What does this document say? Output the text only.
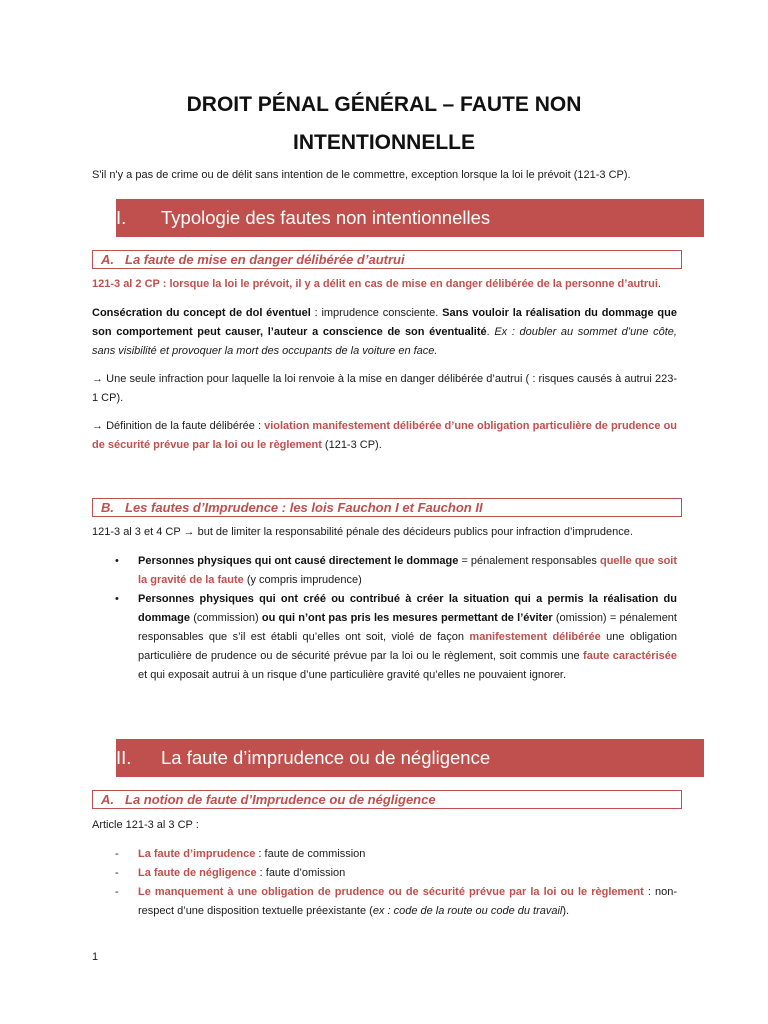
DROIT PÉNAL GÉNÉRAL – FAUTE NON
INTENTIONNELLE
S'il n'y a pas de crime ou de délit sans intention de le commettre, exception lorsque la loi le prévoit (121-3 CP).
I. Typologie des fautes non intentionnelles
A. La faute de mise en danger délibérée d’autrui
121-3 al 2 CP : lorsque la loi le prévoit, il y a délit en cas de mise en danger délibérée de la personne d’autrui.
Consécration du concept de dol éventuel : imprudence consciente. Sans vouloir la réalisation du dommage que son comportement peut causer, l’auteur a conscience de son éventualité. Ex : doubler au sommet d’une côte, sans visibilité et provoquer la mort des occupants de la voiture en face.
→ Une seule infraction pour laquelle la loi renvoie à la mise en danger délibérée d’autrui ( : risques causés à autrui 223-1 CP).
→ Définition de la faute délibérée : violation manifestement délibérée d’une obligation particulière de prudence ou de sécurité prévue par la loi ou le règlement (121-3 CP).
B. Les fautes d’Imprudence : les lois Fauchon I et Fauchon II
121-3 al 3 et 4 CP → but de limiter la responsabilité pénale des décideurs publics pour infraction d’imprudence.
• Personnes physiques qui ont causé directement le dommage = pénalement responsables quelle que soit la gravité de la faute (y compris imprudence)
• Personnes physiques qui ont créé ou contribué à créer la situation qui a permis la réalisation du dommage (commission) ou qui n’ont pas pris les mesures permettant de l’éviter (omission) = pénalement responsables que s’il est établi qu’elles ont soit, violé de façon manifestement délibérée une obligation particulière de prudence ou de sécurité prévue par la loi ou le règlement, soit commis une faute caractérisée et qui exposait autrui à un risque d’une particulière gravité qu’elles ne pouvaient ignorer.
II. La faute d’imprudence ou de négligence
A. La notion de faute d’Imprudence ou de négligence
Article 121-3 al 3 CP :
- La faute d’imprudence : faute de commission
- La faute de négligence : faute d’omission
- Le manquement à une obligation de prudence ou de sécurité prévue par la loi ou le règlement : non-respect d’une disposition textuelle préexistante (ex : code de la route ou code du travail).
1
